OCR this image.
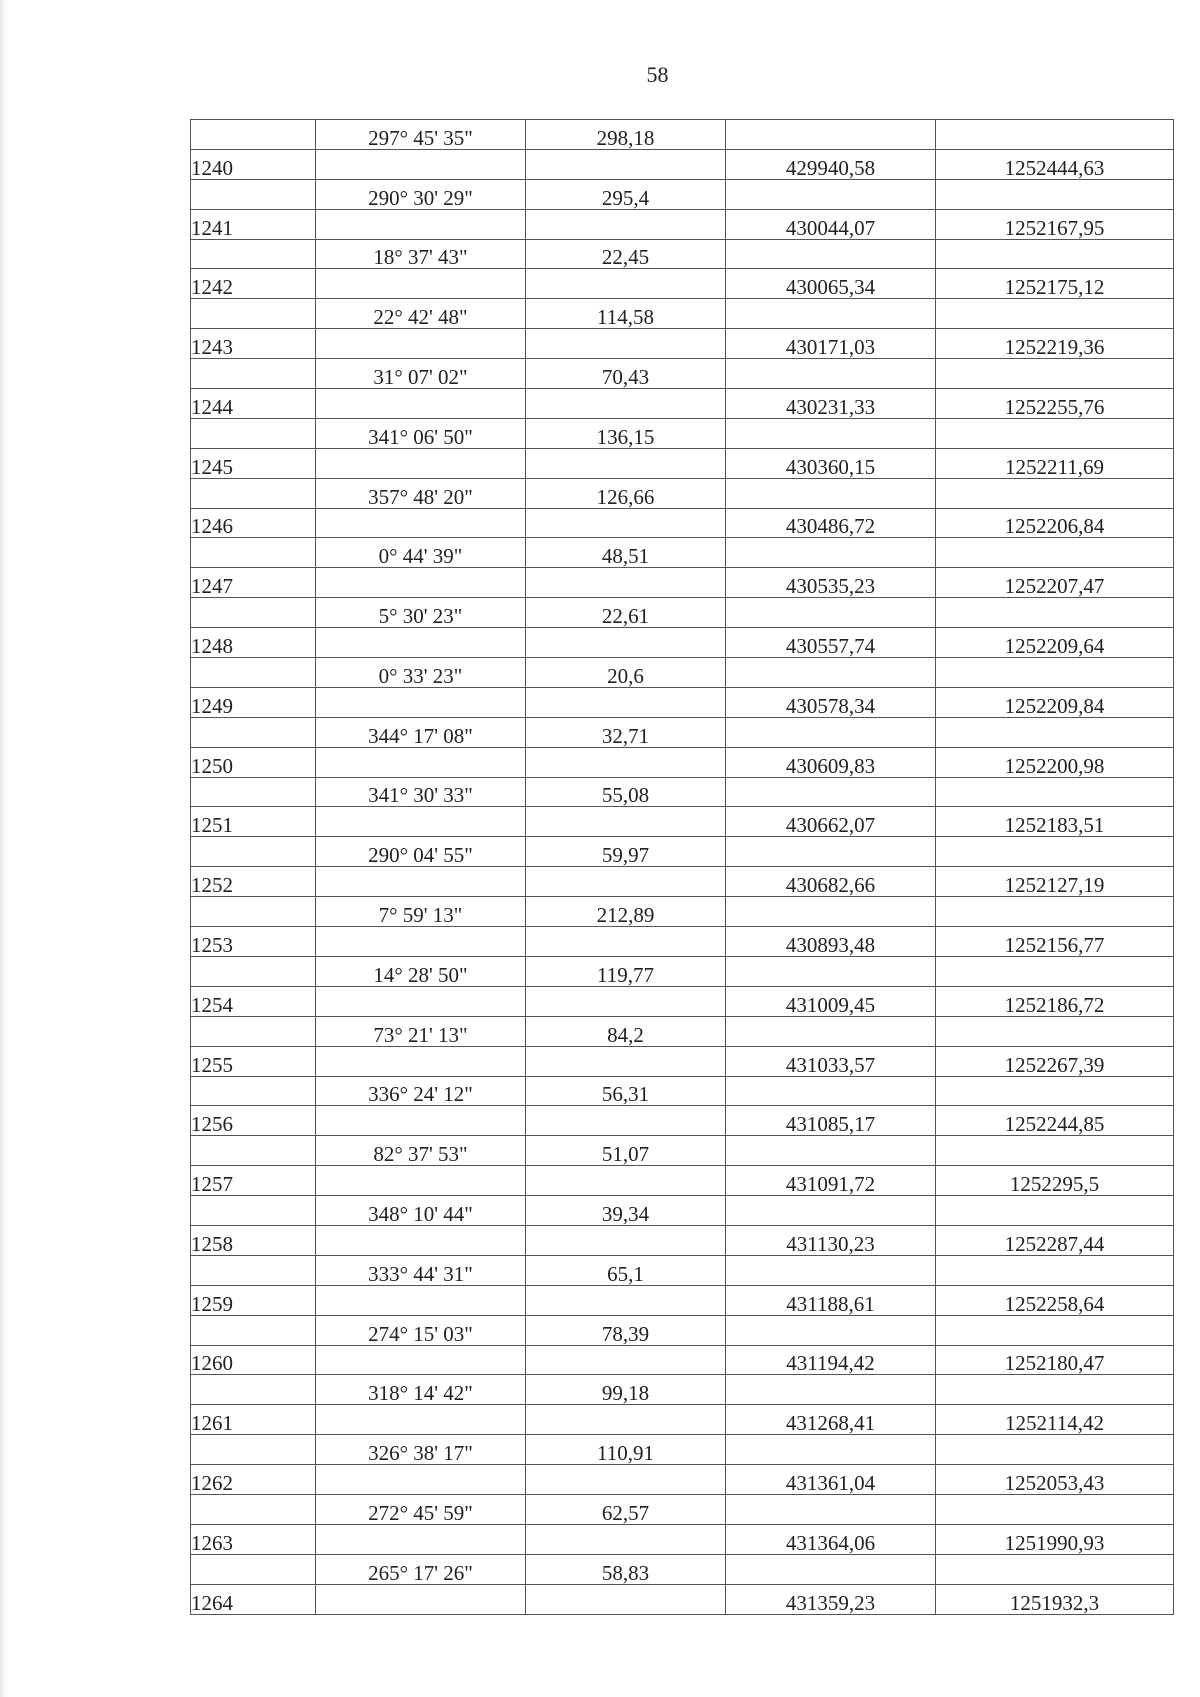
58
	297° 45' 35"	298,18		
1240			429940,58	1252444,63
	290° 30' 29"	295,4		
1241			430044,07	1252167,95
	18° 37' 43"	22,45		
1242			430065,34	1252175,12
	22° 42' 48"	114,58		
1243			430171,03	1252219,36
	31° 07' 02"	70,43		
1244			430231,33	1252255,76
	341° 06' 50"	136,15		
1245			430360,15	1252211,69
	357° 48' 20"	126,66		
1246			430486,72	1252206,84
	0° 44' 39"	48,51		
1247			430535,23	1252207,47
	5° 30' 23"	22,61		
1248			430557,74	1252209,64
	0° 33' 23"	20,6		
1249			430578,34	1252209,84
	344° 17' 08"	32,71		
1250			430609,83	1252200,98
	341° 30' 33"	55,08		
1251			430662,07	1252183,51
	290° 04' 55"	59,97		
1252			430682,66	1252127,19
	7° 59' 13"	212,89		
1253			430893,48	1252156,77
	14° 28' 50"	119,77		
1254			431009,45	1252186,72
	73° 21' 13"	84,2		
1255			431033,57	1252267,39
	336° 24' 12"	56,31		
1256			431085,17	1252244,85
	82° 37' 53"	51,07		
1257			431091,72	1252295,5
	348° 10' 44"	39,34		
1258			431130,23	1252287,44
	333° 44' 31"	65,1		
1259			431188,61	1252258,64
	274° 15' 03"	78,39		
1260			431194,42	1252180,47
	318° 14' 42"	99,18		
1261			431268,41	1252114,42
	326° 38' 17"	110,91		
1262			431361,04	1252053,43
	272° 45' 59"	62,57		
1263			431364,06	1251990,93
	265° 17' 26"	58,83		
1264			431359,23	1251932,3
